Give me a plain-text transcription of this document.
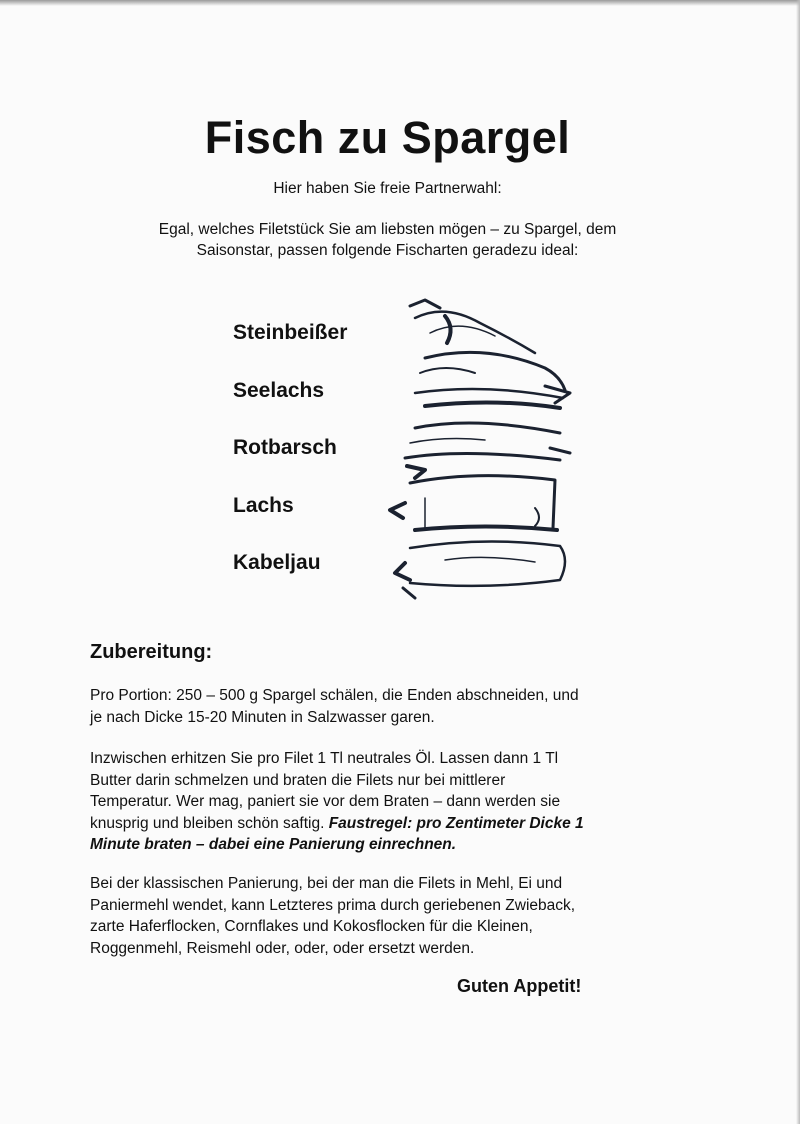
Fisch zu Spargel
Hier haben Sie freie Partnerwahl:
Egal, welches Filetstück Sie am liebsten mögen – zu Spargel, dem
Saisonstar, passen folgende Fischarten geradezu ideal:
Steinbeißer
Seelachs
Rotbarsch
Lachs
Kabeljau
Zubereitung:

Pro Portion: 250 – 500 g Spargel schälen, die Enden abschneiden, und
je nach Dicke 15-20 Minuten in Salzwasser garen.

Inzwischen erhitzen Sie pro Filet 1 Tl neutrales Öl. Lassen dann 1 Tl
Butter darin schmelzen und braten die Filets nur bei mittlerer
Temperatur. Wer mag, paniert sie vor dem Braten – dann werden sie
knusprig und bleiben schön saftig. Faustregel: pro Zentimeter Dicke 1
Minute braten – dabei eine Panierung einrechnen.

Bei der klassischen Panierung, bei der man die Filets in Mehl, Ei und
Paniermehl wendet, kann Letzteres prima durch geriebenen Zwieback,
zarte Haferflocken, Cornflakes und Kokosflocken für die Kleinen,
Roggenmehl, Reismehl oder, oder, oder ersetzt werden.

Guten Appetit!
